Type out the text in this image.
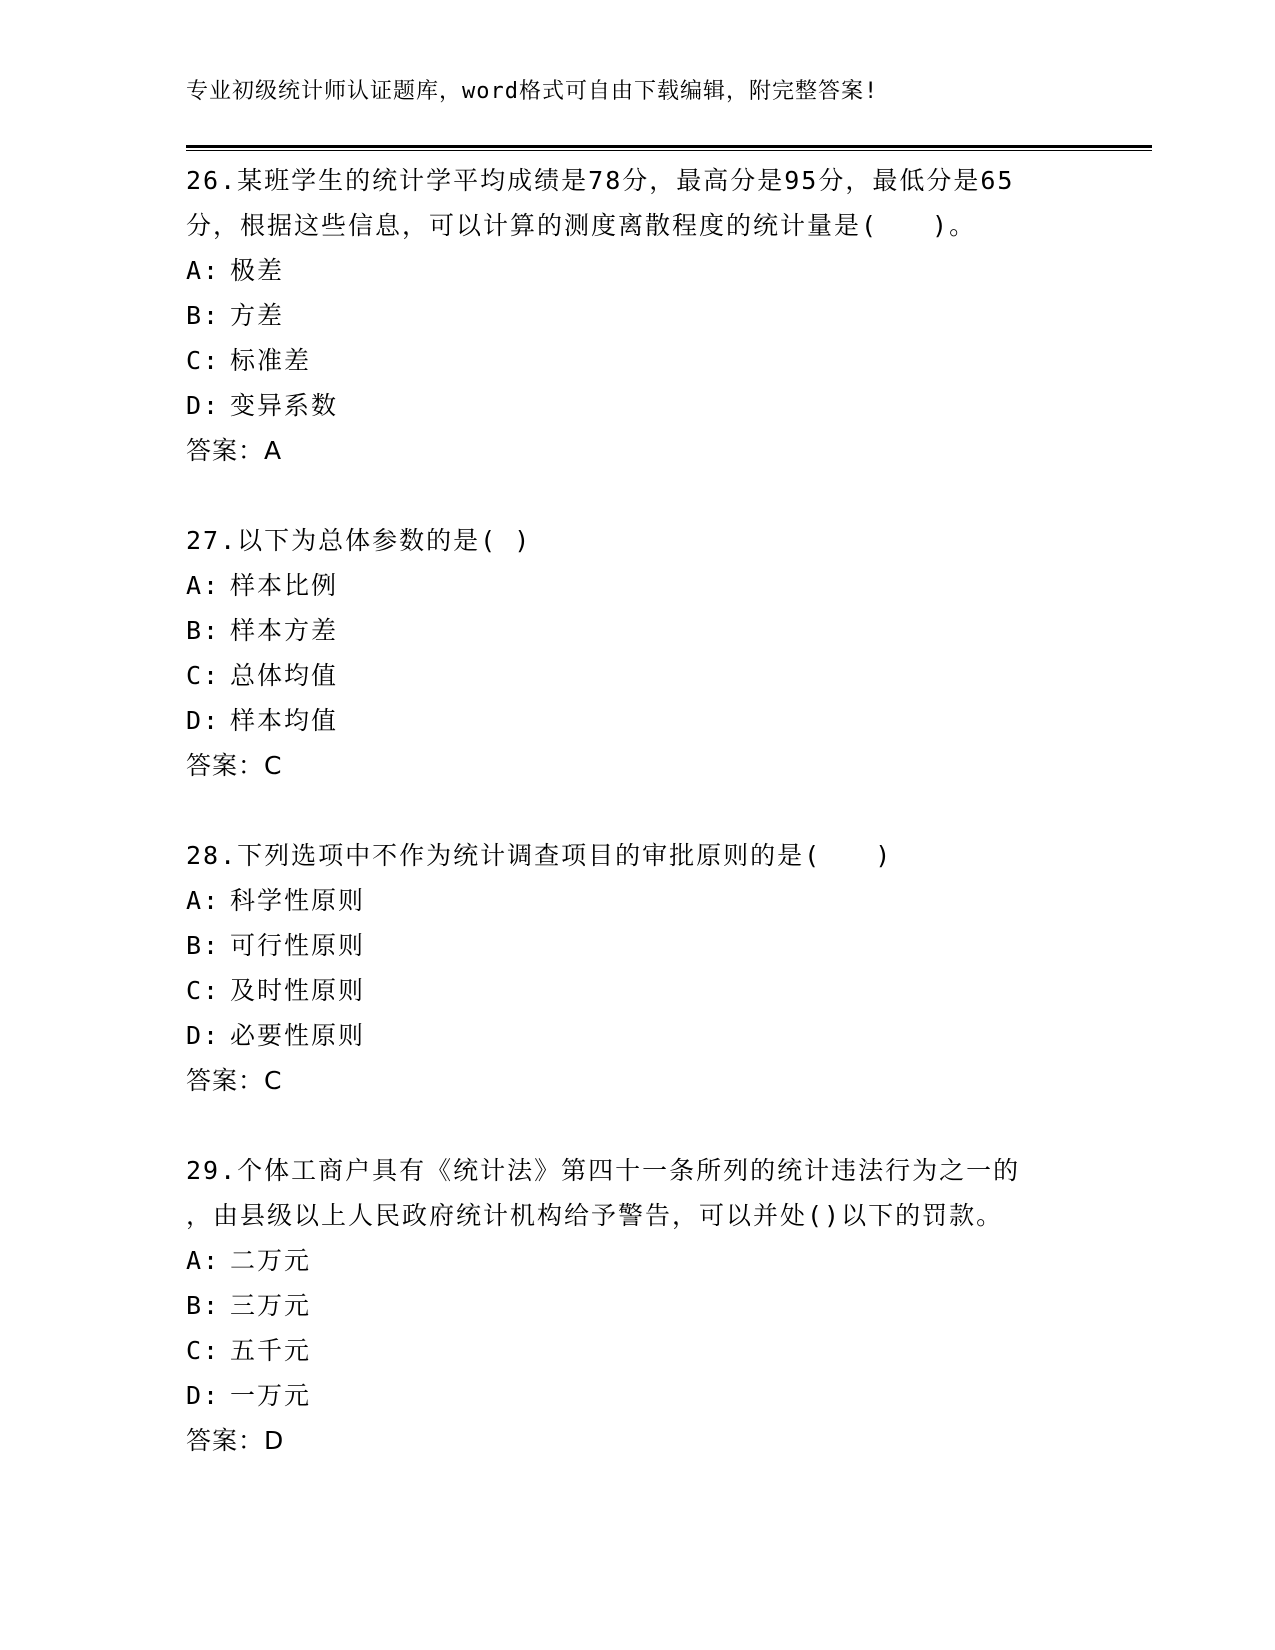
专业初级统计师认证题库，word格式可自由下载编辑，附完整答案!
26.某班学生的统计学平均成绩是78分，最高分是95分，最低分是65
分，根据这些信息，可以计算的测度离散程度的统计量是(　　)。
A: 极差
B: 方差
C: 标准差
D: 变异系数
答案：A
27.以下为总体参数的是( )
A: 样本比例
B: 样本方差
C: 总体均值
D: 样本均值
答案：C
28.下列选项中不作为统计调查项目的审批原则的是(　　)
A: 科学性原则
B: 可行性原则
C: 及时性原则
D: 必要性原则
答案：C
29.个体工商户具有《统计法》第四十一条所列的统计违法行为之一的
，由县级以上人民政府统计机构给予警告，可以并处()以下的罚款。
A: 二万元
B: 三万元
C: 五千元
D: 一万元
答案：D
